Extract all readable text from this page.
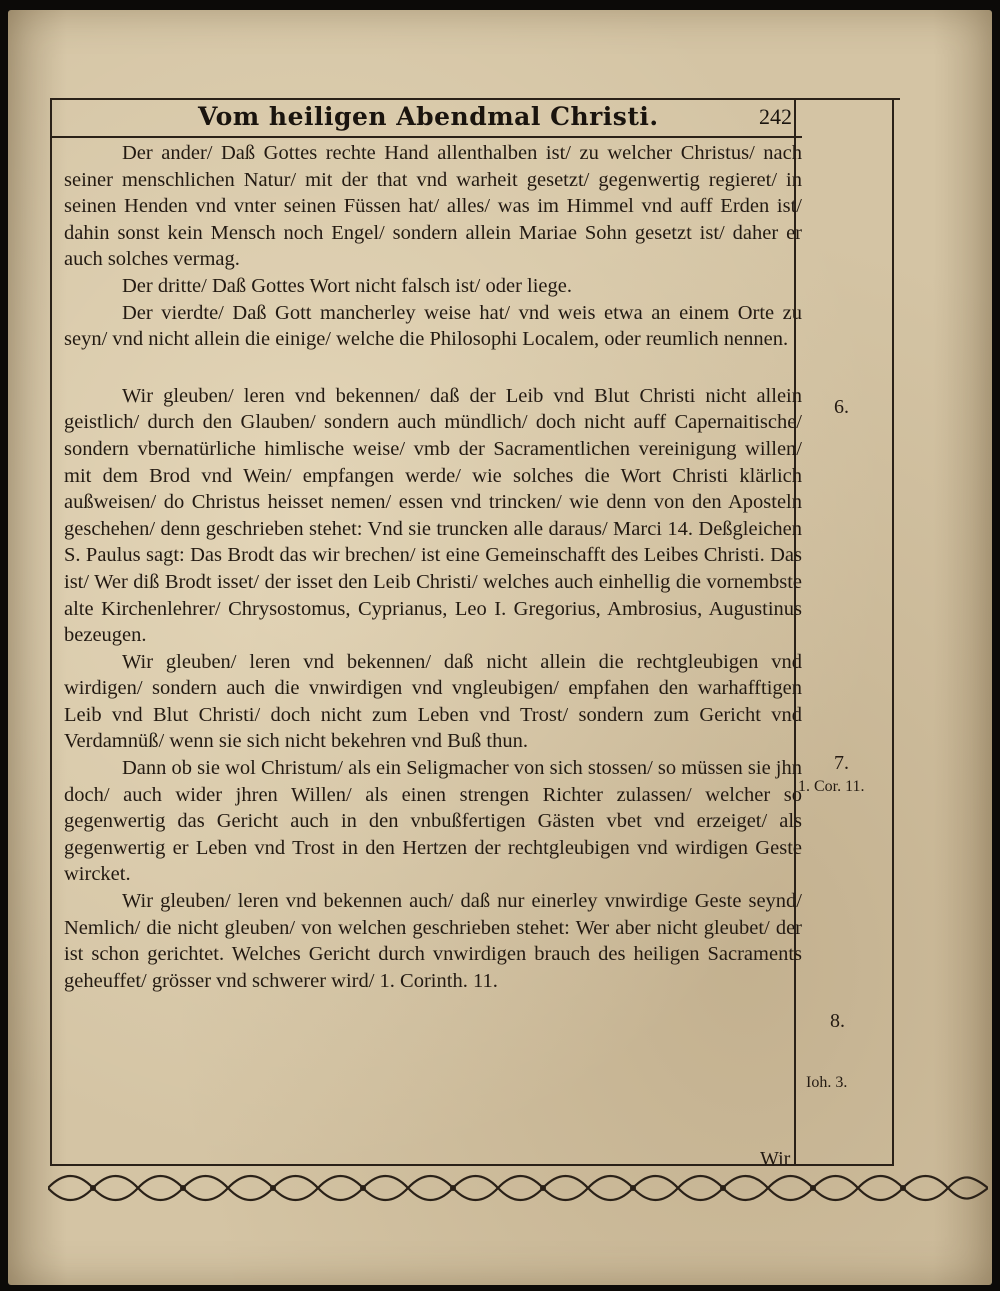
Vom heiligen Abendmal Christi.	242

Der ander/ Daß Gottes rechte Hand allenthalben ist/ zu welcher Christus/ nach seiner menschlichen Natur/ mit der that vnd warheit gesetzt/ gegenwertig regieret/ in seinen Henden vnd vnter seinen Füssen hat/ alles/ was im Himmel vnd auff Erden ist/ dahin sonst kein Mensch noch Engel/ sondern allein Mariae Sohn gesetzt ist/ daher er auch solches vermag.

Der dritte/ Daß Gottes Wort nicht falsch ist/ oder liege.

Der vierdte/ Daß Gott mancherley weise hat/ vnd weis etwa an einem Orte zu seyn/ vnd nicht allein die einige/ welche die Philosophi Localem, oder reumlich nennen.

Wir gleuben/ leren vnd bekennen/ daß der Leib vnd Blut Christi nicht allein geistlich/ durch den Glauben/ sondern auch mündlich/ doch nicht auff Capernaitische/ sondern vbernatürliche himlische weise/ vmb der Sacramentlichen vereinigung willen/ mit dem Brod vnd Wein/ empfangen werde/ wie solches die Wort Christi klärlich außweisen/ do Christus heisset nemen/ essen vnd trincken/ wie denn von den Aposteln geschehen/ denn geschrieben stehet: Vnd sie truncken alle daraus/ Marci 14. Deßgleichen S. Paulus sagt: Das Brodt das wir brechen/ ist eine Gemeinschafft des Leibes Christi. Das ist/ Wer diß Brodt isset/ der isset den Leib Christi/ welches auch einhellig die vornembste alte Kirchenlehrer/ Chrysostomus, Cyprianus, Leo I. Gregorius, Ambrosius, Augustinus bezeugen.

Wir gleuben/ leren vnd bekennen/ daß nicht allein die rechtgleubigen vnd wirdigen/ sondern auch die vnwirdigen vnd vngleubigen/ empfahen den warhafftigen Leib vnd Blut Christi/ doch nicht zum Leben vnd Trost/ sondern zum Gericht vnd Verdamnüß/ wenn sie sich nicht bekehren vnd Buß thun.

Dann ob sie wol Christum/ als ein Seligmacher von sich stossen/ so müssen sie jhn doch/ auch wider jhren Willen/ als einen strengen Richter zulassen/ welcher so gegenwertig das Gericht auch in den vnbußfertigen Gästen vbet vnd erzeiget/ als gegenwertig er Leben vnd Trost in den Hertzen der rechtgleubigen vnd wirdigen Geste wircket.

Wir gleuben/ leren vnd bekennen auch/ daß nur einerley vnwirdige Geste seynd/ Nemlich/ die nicht gleuben/ von welchen geschrieben stehet: Wer aber nicht gleubet/ der ist schon gerichtet. Welches Gericht durch vnwirdigen brauch des heiligen Sacraments geheuffet/ grösser vnd schwerer wird/ 1. Corinth. 11.

6.
7.
1. Cor. 11.
8.
Ioh. 3.
Wir
